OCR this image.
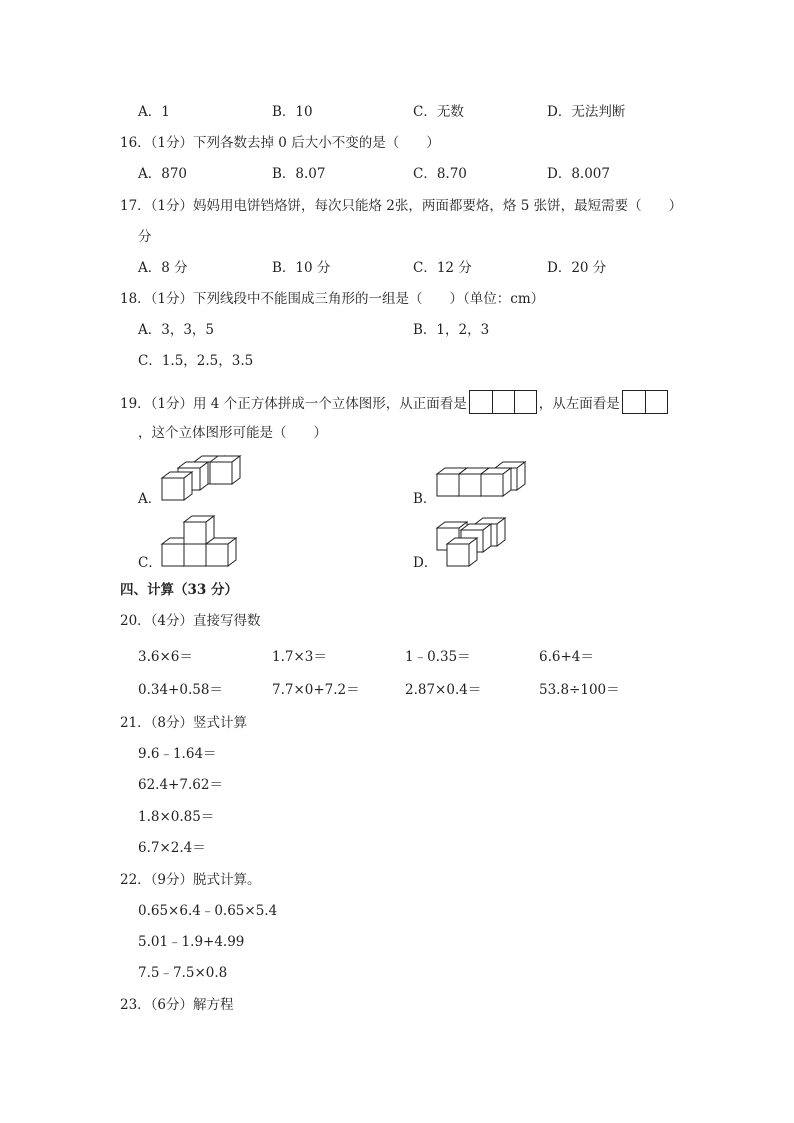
A．1	B．10	C．无数	D．无法判断
16．（1分）下列各数去掉 0 后大小不变的是（　　）
A．870	B．8.07	C．8.70	D．8.007
17．（1分）妈妈用电饼铛烙饼，每次只能烙 2张，两面都要烙，烙 5 张饼，最短需要（　　）
分
A．8 分	B．10 分	C．12 分	D．20 分
18．（1分）下列线段中不能围成三角形的一组是（　　）（单位：cm）
A．3，3，5	B．1，2，3
C．1.5，2.5，3.5
19．（1分）用 4 个正方体拼成一个立体图形，从正面看是	，从左面看是
，这个立体图形可能是（　　）
A．	B．
C．	D．
四、计算（33 分）
20．（4分）直接写得数
3.6×6＝	1.7×3＝	1﹣0.35＝	6.6+4＝
0.34+0.58＝	7.7×0+7.2＝	2.87×0.4＝	53.8÷100＝
21．（8分）竖式计算
9.6﹣1.64＝
62.4+7.62＝
1.8×0.85＝
6.7×2.4＝
22．（9分）脱式计算。
0.65×6.4﹣0.65×5.4
5.01﹣1.9+4.99
7.5﹣7.5×0.8
23．（6分）解方程
